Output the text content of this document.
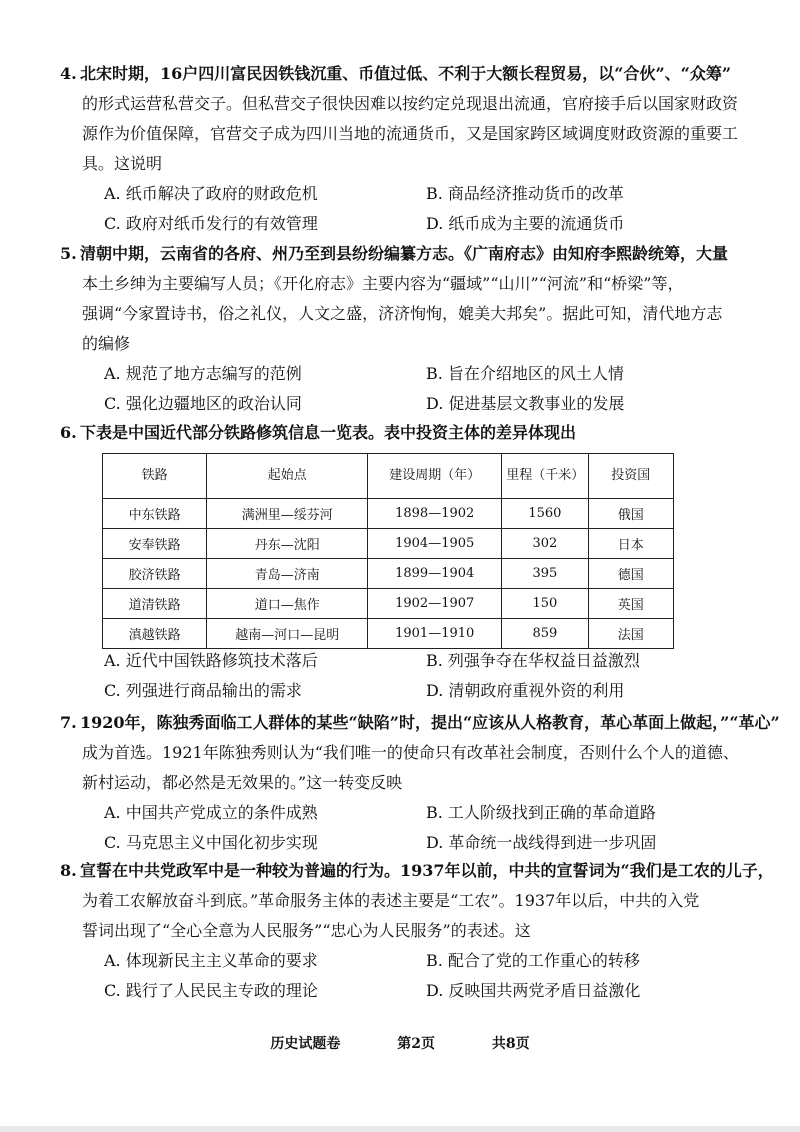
4. 北宋时期，16户四川富民因铁钱沉重、币值过低、不利于大额长程贸易，以“合伙”、“众筹”
的形式运营私营交子。但私营交子很快因难以按约定兑现退出流通，官府接手后以国家财政资
源作为价值保障，官营交子成为四川当地的流通货币，又是国家跨区域调度财政资源的重要工
具。这说明
A. 纸币解决了政府的财政危机	B. 商品经济推动货币的改革
C. 政府对纸币发行的有效管理	D. 纸币成为主要的流通货币
5. 清朝中期，云南省的各府、州乃至到县纷纷编纂方志。《广南府志》由知府李熙龄统筹，大量
本土乡绅为主要编写人员；《开化府志》主要内容为“疆域”“山川”“河流”和“桥梁”等，
强调“今家置诗书，俗之礼仪，人文之盛，济济恂恂，媲美大邦矣”。据此可知，清代地方志
的编修
A. 规范了地方志编写的范例	B. 旨在介绍地区的风土人情
C. 强化边疆地区的政治认同	D. 促进基层文教事业的发展
6. 下表是中国近代部分铁路修筑信息一览表。表中投资主体的差异体现出
铁路	起始点	建设周期（年）	里程（千米）	投资国
中东铁路	满洲里—绥芬河	1898—1902	1560	俄国
安奉铁路	丹东—沈阳	1904—1905	302	日本
胶济铁路	青岛—济南	1899—1904	395	德国
道清铁路	道口—焦作	1902—1907	150	英国
滇越铁路	越南—河口—昆明	1901—1910	859	法国
A. 近代中国铁路修筑技术落后	B. 列强争夺在华权益日益激烈
C. 列强进行商品输出的需求	D. 清朝政府重视外资的利用
7. 1920年，陈独秀面临工人群体的某些“缺陷”时，提出“应该从人格教育，革心革面上做起，”“革心”
成为首选。1921年陈独秀则认为“我们唯一的使命只有改革社会制度，否则什么个人的道德、
新村运动，都必然是无效果的。”这一转变反映
A. 中国共产党成立的条件成熟	B. 工人阶级找到正确的革命道路
C. 马克思主义中国化初步实现	D. 革命统一战线得到进一步巩固
8. 宣誓在中共党政军中是一种较为普遍的行为。1937年以前，中共的宣誓词为“我们是工农的儿子，
为着工农解放奋斗到底。”革命服务主体的表述主要是“工农”。1937年以后，中共的入党
誓词出现了“全心全意为人民服务”“忠心为人民服务”的表述。这
A. 体现新民主主义革命的要求	B. 配合了党的工作重心的转移
C. 践行了人民民主专政的理论	D. 反映国共两党矛盾日益激化
历史试题卷	第2页	共8页
